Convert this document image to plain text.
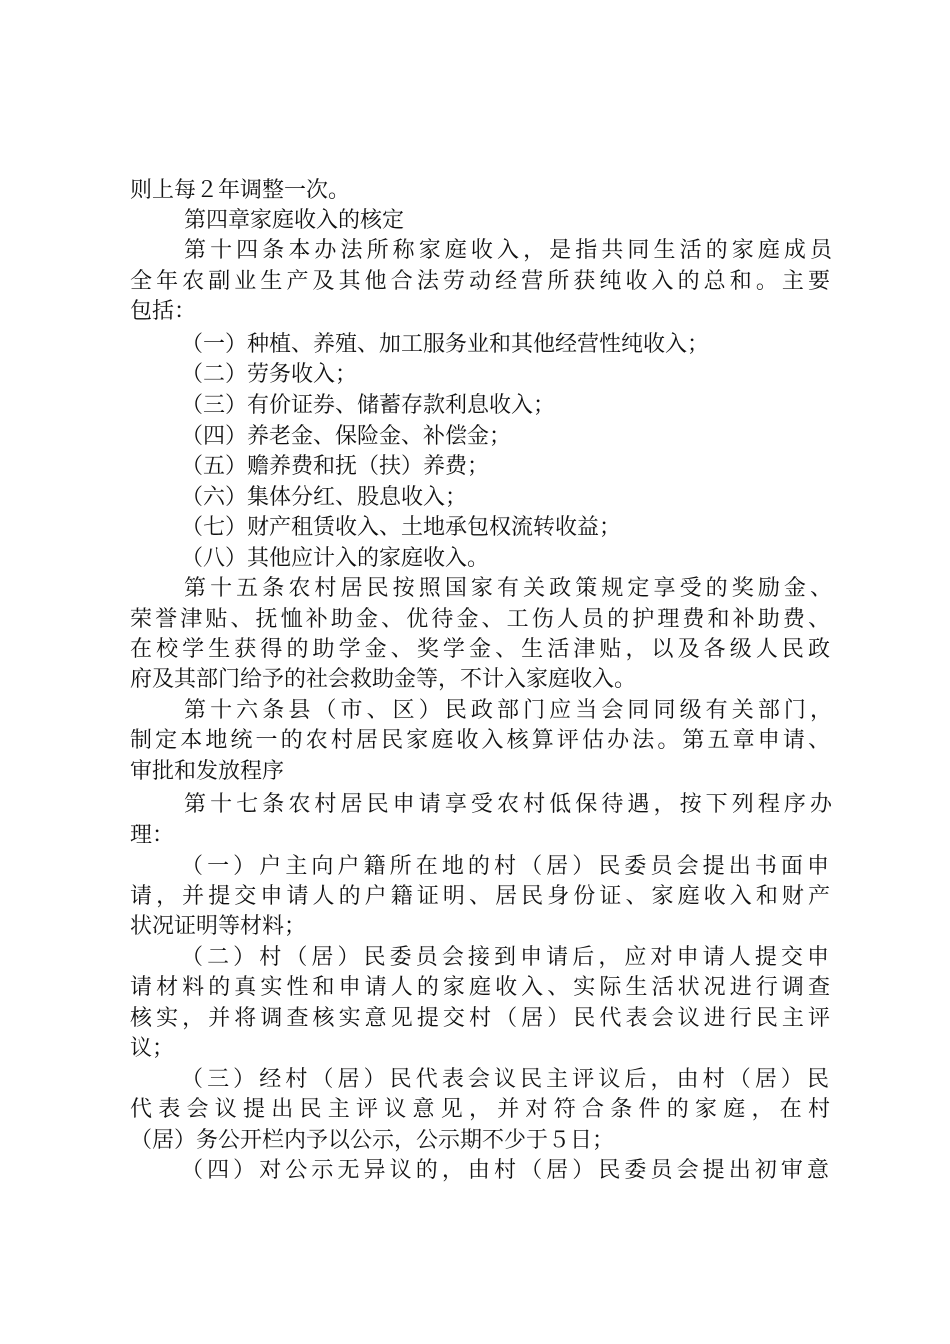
则上每２年调整一次。
第四章家庭收入的核定
第十四条本办法所称家庭收入，是指共同生活的家庭成员
全年农副业生产及其他合法劳动经营所获纯收入的总和。主要
包括：
（一）种植、养殖、加工服务业和其他经营性纯收入；
（二）劳务收入；
（三）有价证券、储蓄存款利息收入；
（四）养老金、保险金、补偿金；
（五）赡养费和抚（扶）养费；
（六）集体分红、股息收入；
（七）财产租赁收入、土地承包权流转收益；
（八）其他应计入的家庭收入。
第十五条农村居民按照国家有关政策规定享受的奖励金、
荣誉津贴、抚恤补助金、优待金、工伤人员的护理费和补助费、
在校学生获得的助学金、奖学金、生活津贴，以及各级人民政
府及其部门给予的社会救助金等，不计入家庭收入。
第十六条县（市、区）民政部门应当会同同级有关部门，
制定本地统一的农村居民家庭收入核算评估办法。第五章申请、
审批和发放程序
第十七条农村居民申请享受农村低保待遇，按下列程序办
理：
（一）户主向户籍所在地的村（居）民委员会提出书面申
请，并提交申请人的户籍证明、居民身份证、家庭收入和财产
状况证明等材料；
（二）村（居）民委员会接到申请后，应对申请人提交申
请材料的真实性和申请人的家庭收入、实际生活状况进行调查
核实，并将调查核实意见提交村（居）民代表会议进行民主评
议；
（三）经村（居）民代表会议民主评议后，由村（居）民
代表会议提出民主评议意见，并对符合条件的家庭，在村
（居）务公开栏内予以公示，公示期不少于５日；
（四）对公示无异议的，由村（居）民委员会提出初审意
